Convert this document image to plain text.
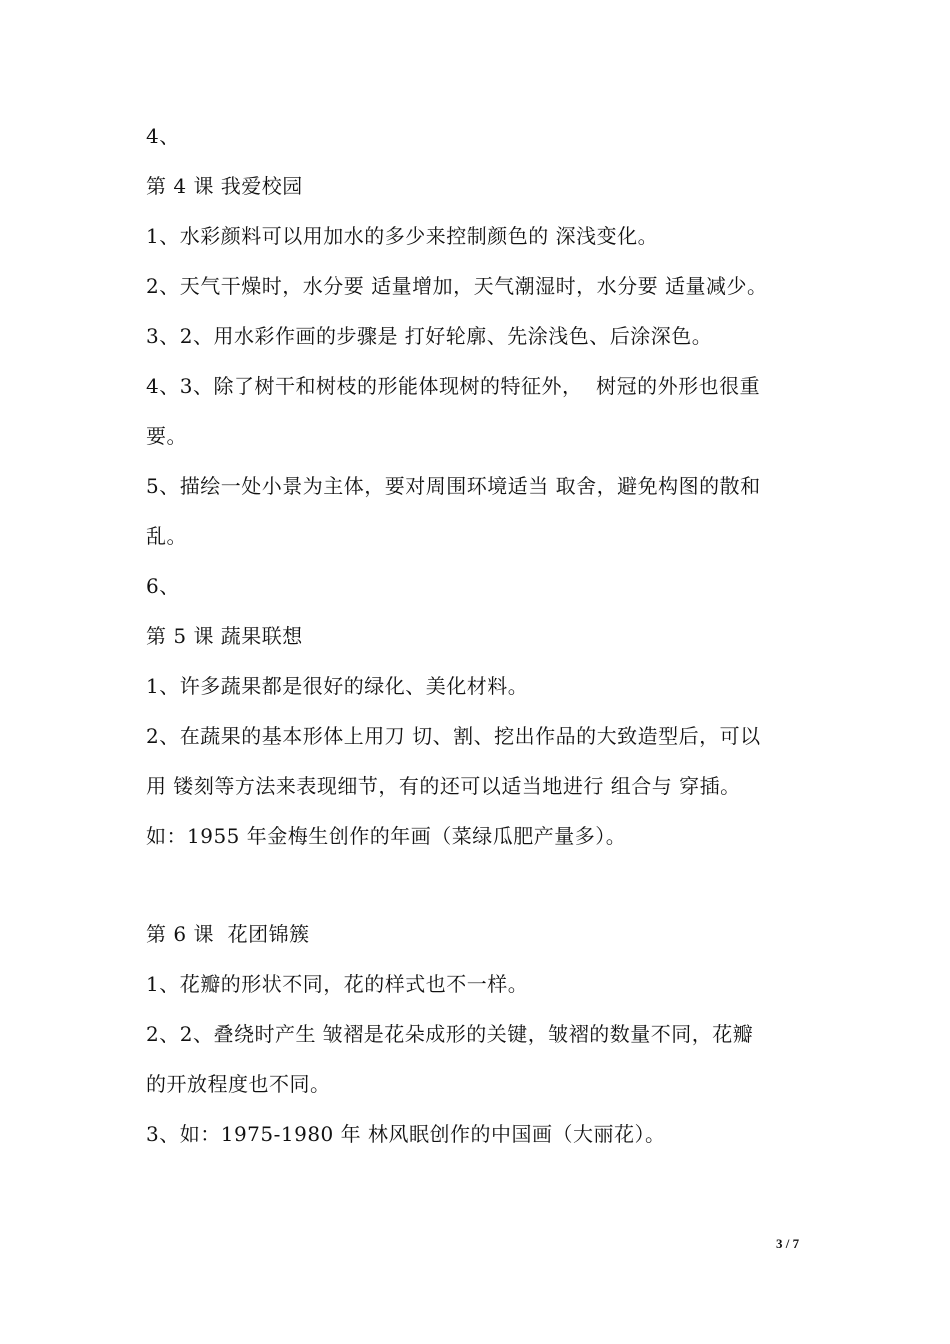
4、
第 4 课 我爱校园
1、水彩颜料可以用加水的多少来控制颜色的 深浅变化。
2、天气干燥时，水分要 适量增加，天气潮湿时，水分要 适量减少。
3、2、用水彩作画的步骤是 打好轮廓、先涂浅色、后涂深色。
4、3、除了树干和树枝的形能体现树的特征外，  树冠的外形也很重
要。
5、描绘一处小景为主体，要对周围环境适当 取舍，避免构图的散和
乱。
6、
第 5 课 蔬果联想
1、许多蔬果都是很好的绿化、美化材料。
2、在蔬果的基本形体上用刀 切、割、挖出作品的大致造型后，可以
用 镂刻等方法来表现细节，有的还可以适当地进行 组合与 穿插。
如：1955 年金梅生创作的年画（菜绿瓜肥产量多）。
第 6 课  花团锦簇
1、花瓣的形状不同，花的样式也不一样。
2、2、叠绕时产生 皱褶是花朵成形的关键，皱褶的数量不同，花瓣
的开放程度也不同。
3、如：1975-1980 年 林风眠创作的中国画（大丽花）。
3 / 7
